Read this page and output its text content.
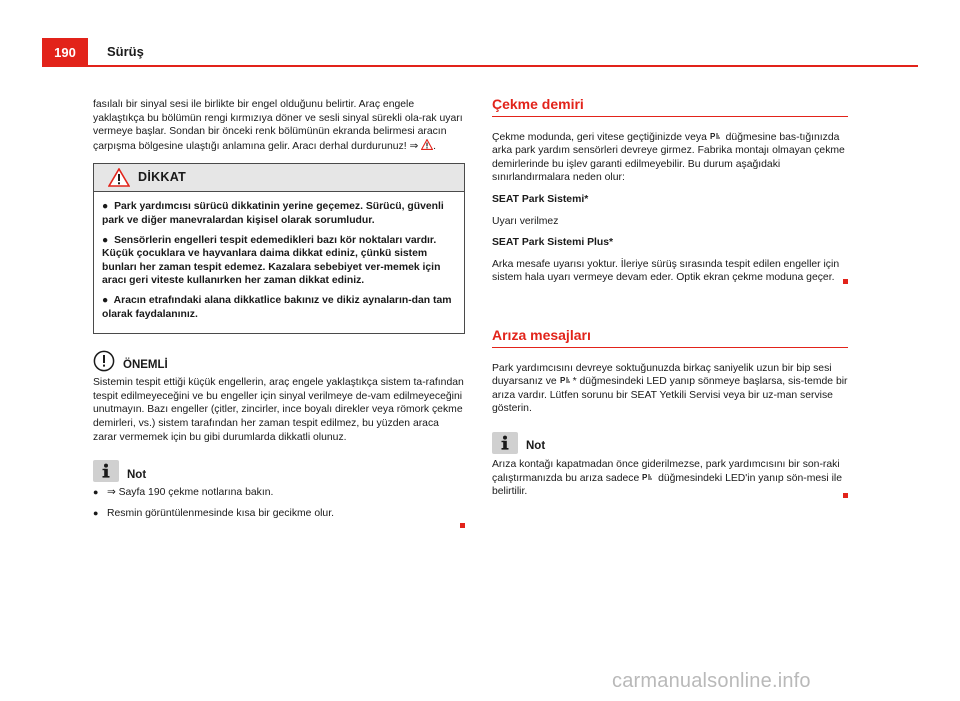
190	Sürüş

fasılalı bir sinyal sesi ile birlikte bir engel olduğunu belirtir. Araç engele yaklaştıkça bu bölümün rengi kırmızıya döner ve sesli sinyal sürekli ola-rak uyarı vermeye başlar. Sondan bir önceki renk bölümünün ekranda belirmesi aracın çarpışma bölgesine ulaştığı anlamına gelir. Aracı derhal durdurunuz! ⇒ .

DİKKAT

●  Park yardımcısı sürücü dikkatinin yerine geçemez. Sürücü, güvenli park ve diğer manevralardan kişisel olarak sorumludur.

●  Sensörlerin engelleri tespit edemedikleri bazı kör noktaları vardır. Küçük çocuklara ve hayvanlara daima dikkat ediniz, çünkü sistem bunları her zaman tespit edemez. Kazalara sebebiyet ver-memek için aracı geri viteste kullanırken her zaman dikkat ediniz.

●  Aracın etrafındaki alana dikkatlice bakınız ve dikiz aynaların-dan tam olarak faydalanınız.

ÖNEMLİ

Sistemin tespit ettiği küçük engellerin, araç engele yaklaştıkça sistem ta-rafından tespit edilmeyeceğini ve bu engeller için sinyal verilmeye de-vam edilmeyeceğini unutmayın. Bazı engeller (çitler, zincirler, ince boyalı direkler veya römork çekme demirleri, vs.) sistem tarafından her zaman tespit edilmez, bu yüzden araca zarar vermemek için bu gibi durumlarda dikkatli olunuz.

Not
● ⇒ Sayfa 190 çekme notlarına bakın.
● Resmin görüntülenmesinde kısa bir gecikme olur.
Çekme demiri

Çekme modunda, geri vitese geçtiğinizde veya P düğmesine bas-tığınızda arka park yardım sensörleri devreye girmez. Fabrika montajı olmayan çekme demirlerinde bu işlev garanti edilmeyebilir. Bu durum aşağıdaki sınırlandırmalara neden olur:

SEAT Park Sistemi*

Uyarı verilmez

SEAT Park Sistemi Plus*

Arka mesafe uyarısı yoktur. İleriye sürüş sırasında tespit edilen engeller için sistem hala uyarı vermeye devam eder. Optik ekran çekme moduna geçer.

Arıza mesajları

Park yardımcısını devreye soktuğunuzda birkaç saniyelik uzun bir bip sesi duyarsanız ve P * düğmesindeki LED yanıp sönmeye başlarsa, sis-temde bir arıza vardır. Lütfen sorunu bir SEAT Yetkili Servisi veya bir uz-man servise gösterin.

Not

Arıza kontağı kapatmadan önce giderilmezse, park yardımcısını bir son-raki çalıştırmanızda bu arıza sadece P düğmesindeki LED'in yanıp sön-mesi ile belirtilir.

carmanualsonline.info
